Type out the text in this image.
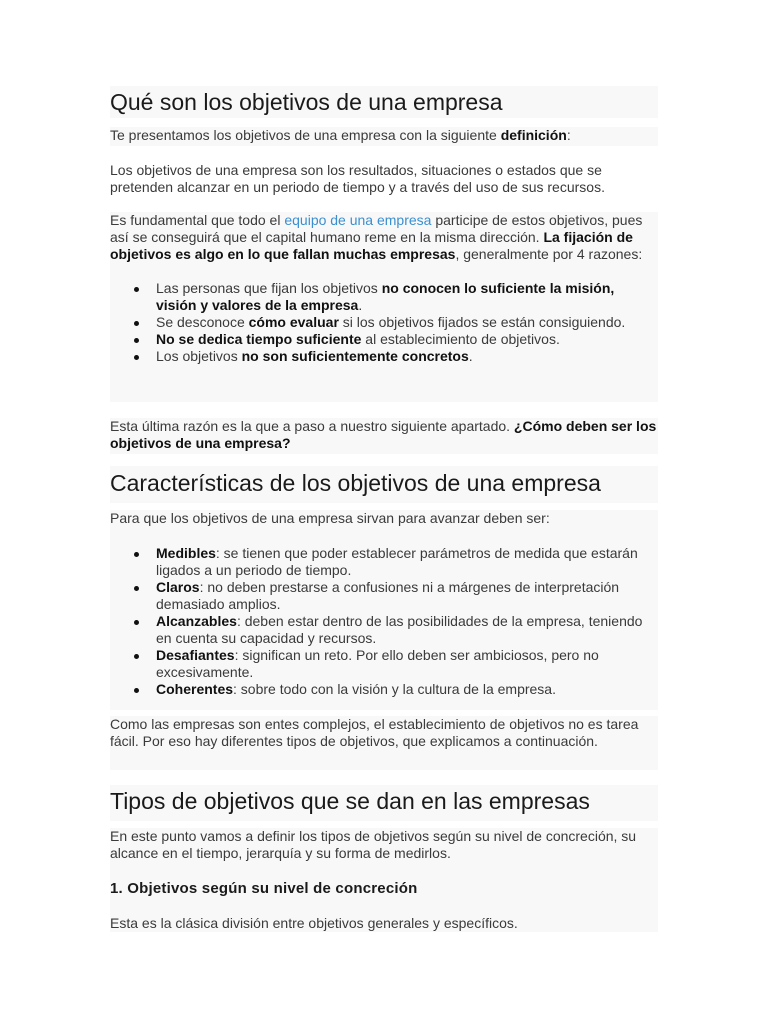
Qué son los objetivos de una empresa

Te presentamos los objetivos de una empresa con la siguiente definición:

Los objetivos de una empresa son los resultados, situaciones o estados que se pretenden alcanzar en un periodo de tiempo y a través del uso de sus recursos.

Es fundamental que todo el equipo de una empresa participe de estos objetivos, pues así se conseguirá que el capital humano reme en la misma dirección. La fijación de objetivos es algo en lo que fallan muchas empresas, generalmente por 4 razones:

Las personas que fijan los objetivos no conocen lo suficiente la misión, visión y valores de la empresa.
Se desconoce cómo evaluar si los objetivos fijados se están consiguiendo.
No se dedica tiempo suficiente al establecimiento de objetivos.
Los objetivos no son suficientemente concretos.

Esta última razón es la que a paso a nuestro siguiente apartado. ¿Cómo deben ser los objetivos de una empresa?

Características de los objetivos de una empresa

Para que los objetivos de una empresa sirvan para avanzar deben ser:

Medibles: se tienen que poder establecer parámetros de medida que estarán ligados a un periodo de tiempo.
Claros: no deben prestarse a confusiones ni a márgenes de interpretación demasiado amplios.
Alcanzables: deben estar dentro de las posibilidades de la empresa, teniendo en cuenta su capacidad y recursos.
Desafiantes: significan un reto. Por ello deben ser ambiciosos, pero no excesivamente.
Coherentes: sobre todo con la visión y la cultura de la empresa.

Como las empresas son entes complejos, el establecimiento de objetivos no es tarea fácil. Por eso hay diferentes tipos de objetivos, que explicamos a continuación.

Tipos de objetivos que se dan en las empresas

En este punto vamos a definir los tipos de objetivos según su nivel de concreción, su alcance en el tiempo, jerarquía y su forma de medirlos.

1. Objetivos según su nivel de concreción

Esta es la clásica división entre objetivos generales y específicos.
